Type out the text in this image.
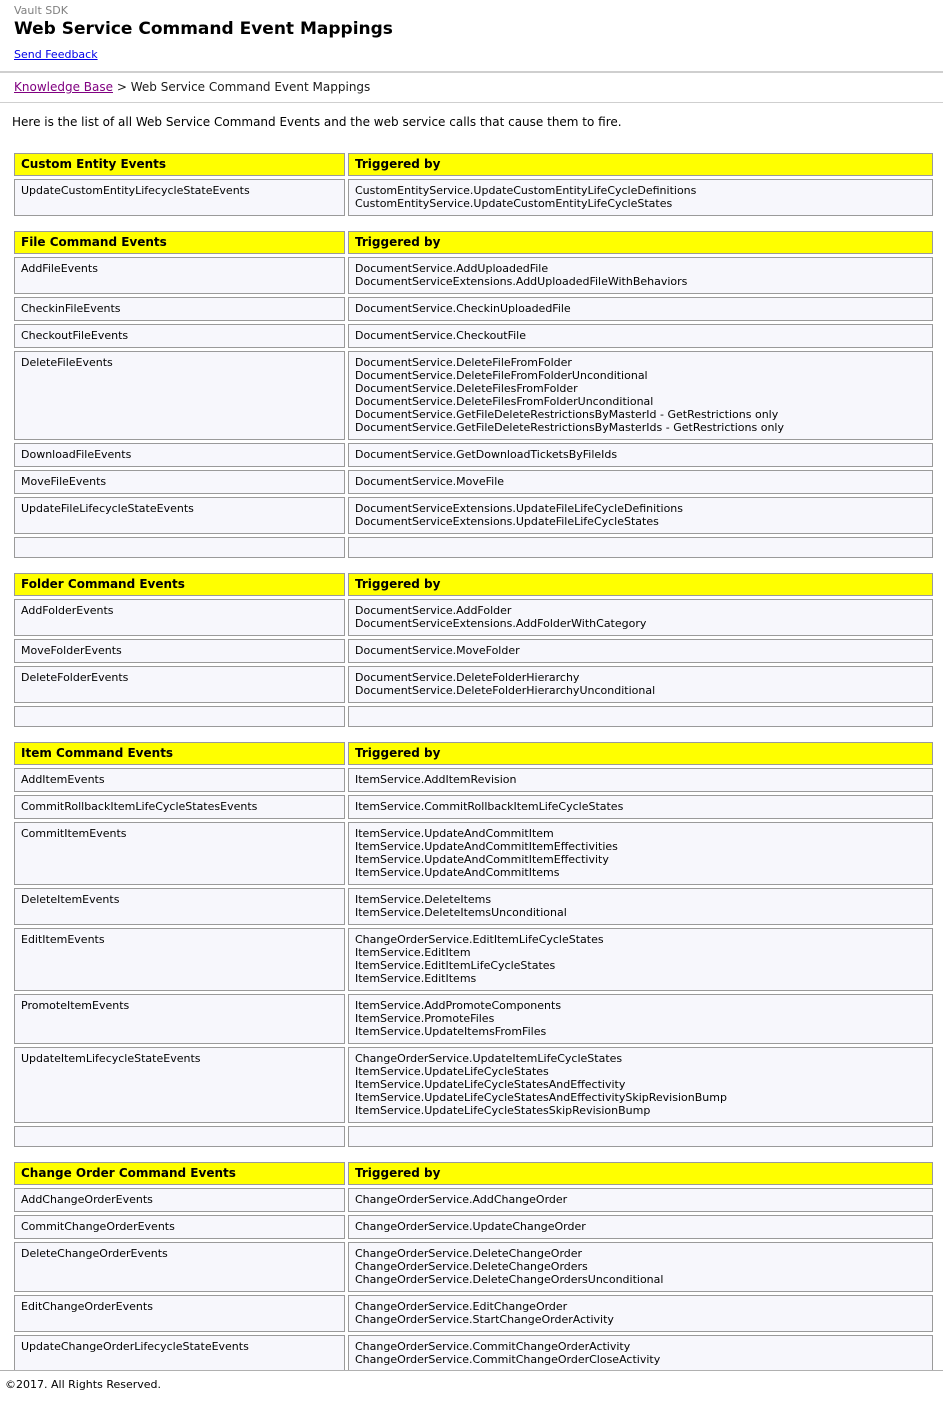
Vault SDK
Web Service Command Event Mappings
Send Feedback
Knowledge Base > Web Service Command Event Mappings
Here is the list of all Web Service Command Events and the web service calls that cause them to fire.
Custom Entity Events	Triggered by
UpdateCustomEntityLifecycleStateEvents	CustomEntityService.UpdateCustomEntityLifeCycleDefinitions
CustomEntityService.UpdateCustomEntityLifeCycleStates
File Command Events	Triggered by
AddFileEvents	DocumentService.AddUploadedFile
DocumentServiceExtensions.AddUploadedFileWithBehaviors

CheckinFileEvents	DocumentService.CheckinUploadedFile

CheckoutFileEvents	DocumentService.CheckoutFile

DeleteFileEvents	DocumentService.DeleteFileFromFolder
DocumentService.DeleteFileFromFolderUnconditional
DocumentService.DeleteFilesFromFolder
DocumentService.DeleteFilesFromFolderUnconditional
DocumentService.GetFileDeleteRestrictionsByMasterId - GetRestrictions only
DocumentService.GetFileDeleteRestrictionsByMasterIds - GetRestrictions only

DownloadFileEvents	DocumentService.GetDownloadTicketsByFileIds

MoveFileEvents	DocumentService.MoveFile

UpdateFileLifecycleStateEvents	DocumentServiceExtensions.UpdateFileLifeCycleDefinitions
DocumentServiceExtensions.UpdateFileLifeCycleStates

Folder Command Events	Triggered by
AddFolderEvents	DocumentService.AddFolder
DocumentServiceExtensions.AddFolderWithCategory

MoveFolderEvents	DocumentService.MoveFolder

DeleteFolderEvents	DocumentService.DeleteFolderHierarchy
DocumentService.DeleteFolderHierarchyUnconditional

Item Command Events	Triggered by
AddItemEvents	ItemService.AddItemRevision

CommitRollbackItemLifeCycleStatesEvents	ItemService.CommitRollbackItemLifeCycleStates

CommitItemEvents	ItemService.UpdateAndCommitItem
ItemService.UpdateAndCommitItemEffectivities
ItemService.UpdateAndCommitItemEffectivity
ItemService.UpdateAndCommitItems

DeleteItemEvents	ItemService.DeleteItems
ItemService.DeleteItemsUnconditional

EditItemEvents	ChangeOrderService.EditItemLifeCycleStates
ItemService.EditItem
ItemService.EditItemLifeCycleStates
ItemService.EditItems

PromoteItemEvents	ItemService.AddPromoteComponents
ItemService.PromoteFiles
ItemService.UpdateItemsFromFiles

UpdateItemLifecycleStateEvents	ChangeOrderService.UpdateItemLifeCycleStates
ItemService.UpdateLifeCycleStates
ItemService.UpdateLifeCycleStatesAndEffectivity
ItemService.UpdateLifeCycleStatesAndEffectivitySkipRevisionBump
ItemService.UpdateLifeCycleStatesSkipRevisionBump

Change Order Command Events	Triggered by
AddChangeOrderEvents	ChangeOrderService.AddChangeOrder

CommitChangeOrderEvents	ChangeOrderService.UpdateChangeOrder

DeleteChangeOrderEvents	ChangeOrderService.DeleteChangeOrder
ChangeOrderService.DeleteChangeOrders
ChangeOrderService.DeleteChangeOrdersUnconditional

EditChangeOrderEvents	ChangeOrderService.EditChangeOrder
ChangeOrderService.StartChangeOrderActivity

UpdateChangeOrderLifecycleStateEvents	ChangeOrderService.CommitChangeOrderActivity
ChangeOrderService.CommitChangeOrderCloseActivity

©2017. All Rights Reserved.
